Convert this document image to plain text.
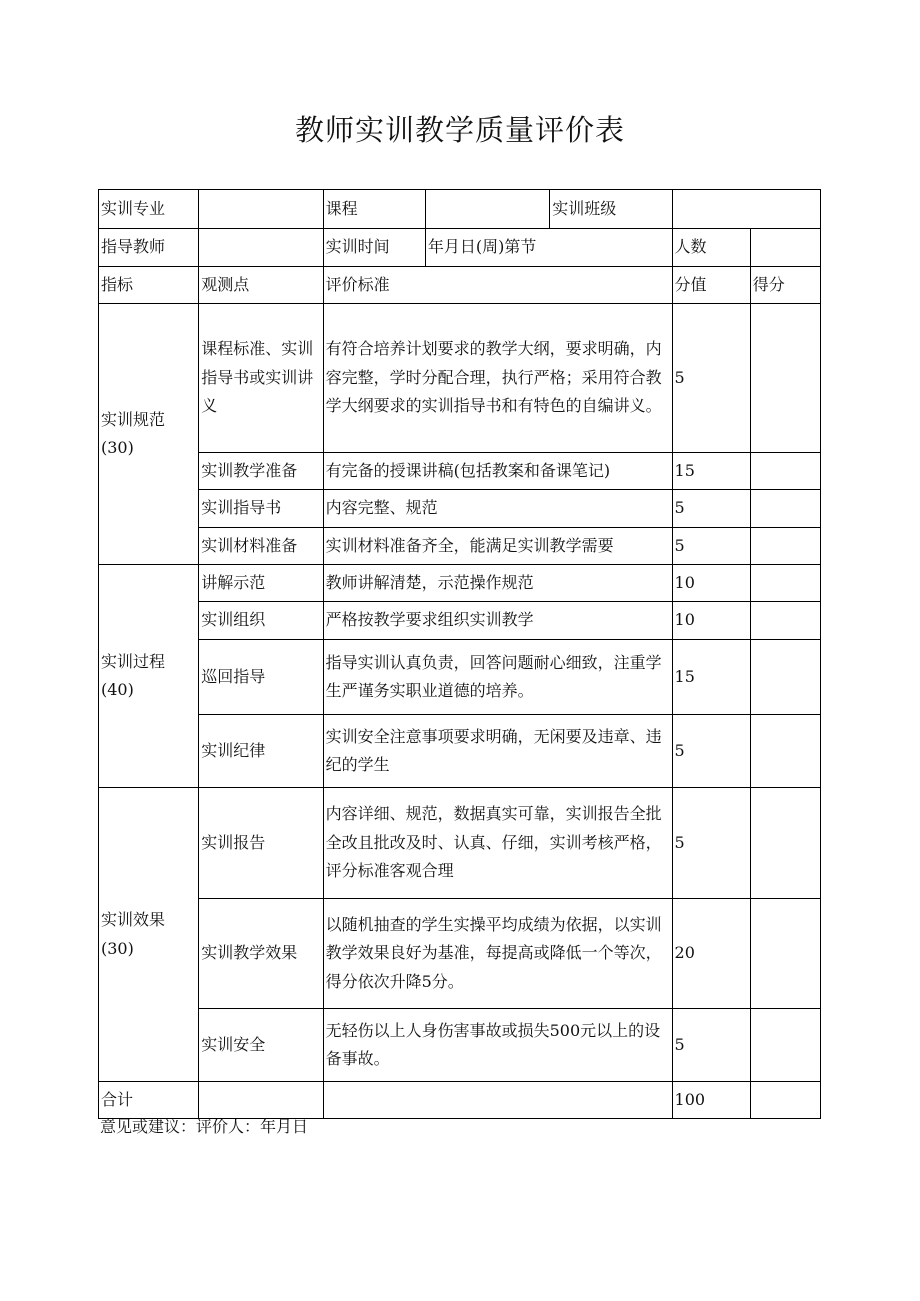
教师实训教学质量评价表
实训专业		课程		实训班级		
指导教师		实训时间	年月日(周)第节		人数	
指标	观测点	评价标准			分值	得分

实训规范
(30)	课程标准、实训指导书或实训讲义	有符合培养计划要求的教学大纲，要求明确，内容完整，学时分配合理，执行严格；采用符合教学大纲要求的实训指导书和有特色的自编讲义。			5	
	实训教学准备	有完备的授课讲稿(包括教案和备课笔记)			15	
	实训指导书	内容完整、规范			5	
	实训材料准备	实训材料准备齐全，能满足实训教学需要			5	

实训过程
(40)	讲解示范	教师讲解清楚，示范操作规范			10	
	实训组织	严格按教学要求组织实训教学			10	
	巡回指导	指导实训认真负责，回答问题耐心细致，注重学生严谨务实职业道德的培养。			15	
	实训纪律	实训安全注意事项要求明确，无闲要及违章、违纪的学生			5	

实训效果
(30)	实训报告	内容详细、规范，数据真实可靠，实训报告全批全改且批改及时、认真、仔细，实训考核严格，评分标准客观合理			5	
	实训教学效果	以随机抽查的学生实操平均成绩为依据，以实训教学效果良好为基准，每提高或降低一个等次，得分依次升降5分。			20	
	实训安全	无轻伤以上人身伤害事故或损失500元以上的设备事故。			5	
合计					100	
意见或建议：评价人：年月日
